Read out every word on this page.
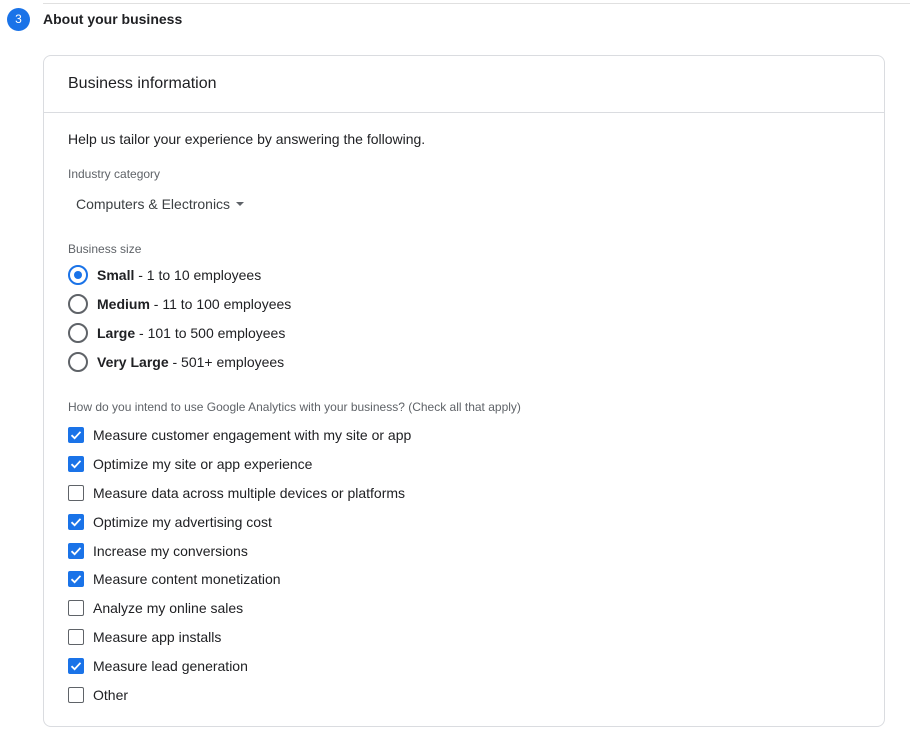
3	About your business
Business information
Help us tailor your experience by answering the following.
Industry category
Computers & Electronics
Business size
Small - 1 to 10 employees
Medium - 11 to 100 employees
Large - 101 to 500 employees
Very Large - 501+ employees
How do you intend to use Google Analytics with your business? (Check all that apply)
Measure customer engagement with my site or app
Optimize my site or app experience
Measure data across multiple devices or platforms
Optimize my advertising cost
Increase my conversions
Measure content monetization
Analyze my online sales
Measure app installs
Measure lead generation
Other
